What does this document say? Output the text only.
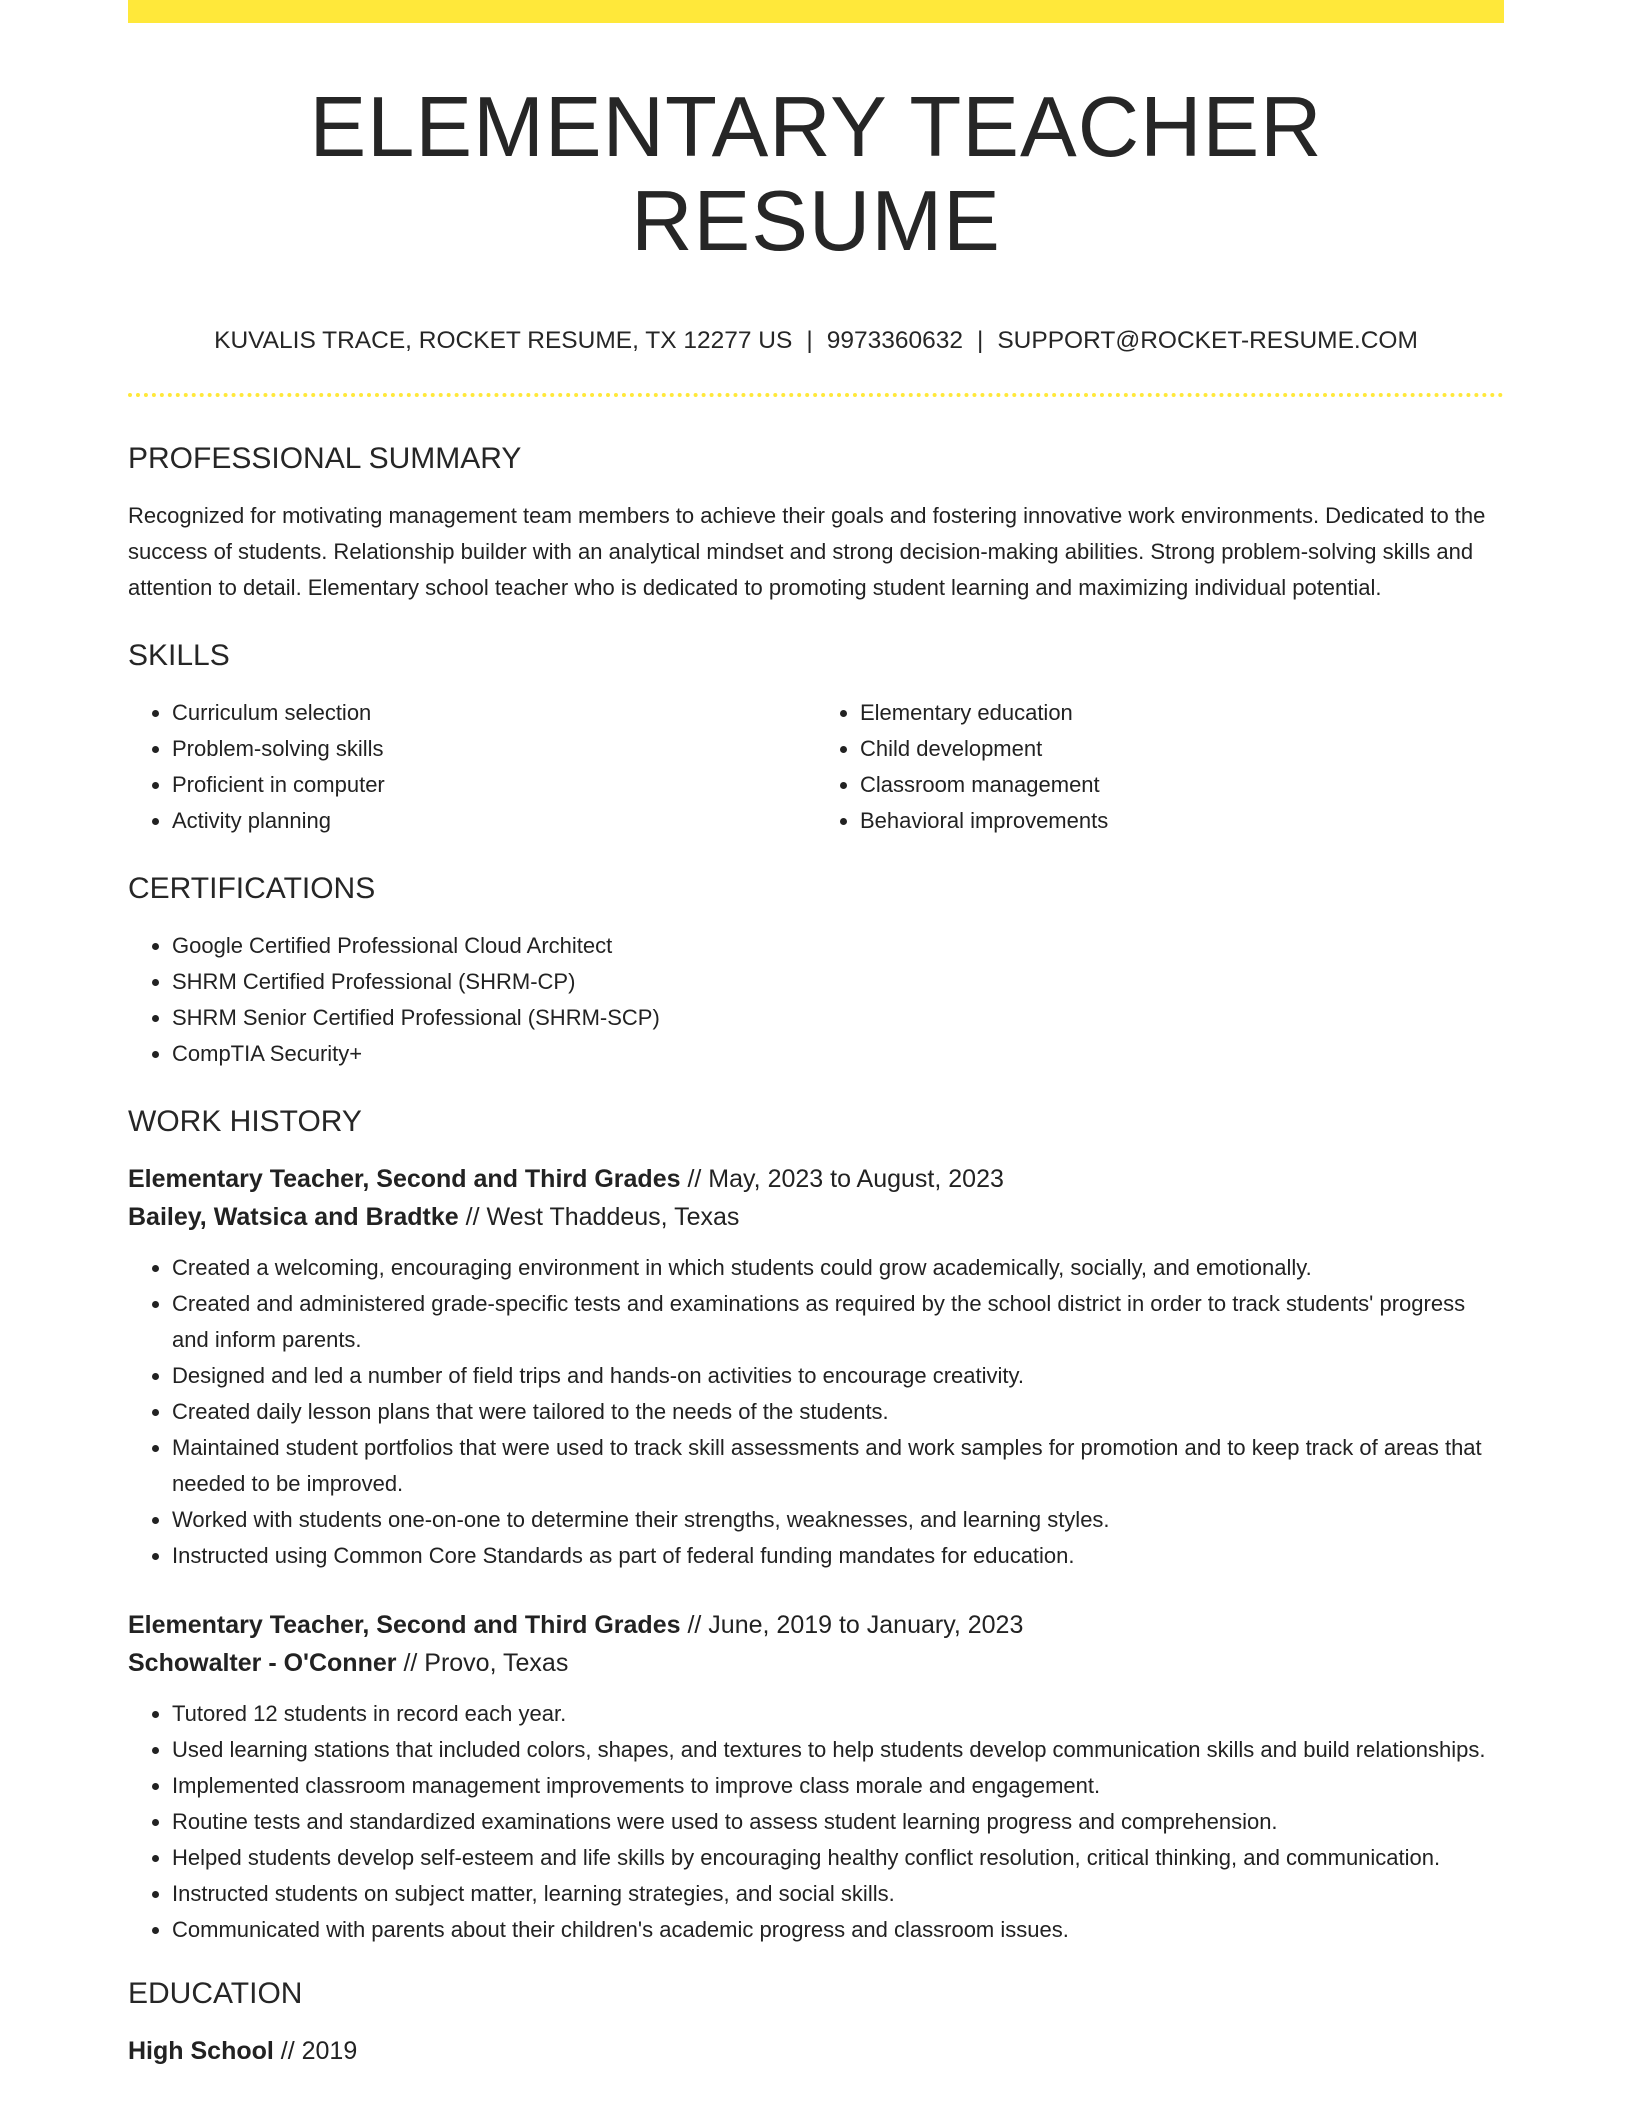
ELEMENTARY TEACHER RESUME
KUVALIS TRACE, ROCKET RESUME, TX 12277 US | 9973360632 | SUPPORT@ROCKET-RESUME.COM
PROFESSIONAL SUMMARY

Recognized for motivating management team members to achieve their goals and fostering innovative work environments. Dedicated to the success of students. Relationship builder with an analytical mindset and strong decision-making abilities. Strong problem-solving skills and attention to detail. Elementary school teacher who is dedicated to promoting student learning and maximizing individual potential.

SKILLS
• Curriculum selection
• Problem-solving skills
• Proficient in computer
• Activity planning
• Elementary education
• Child development
• Classroom management
• Behavioral improvements
CERTIFICATIONS
• Google Certified Professional Cloud Architect
• SHRM Certified Professional (SHRM-CP)
• SHRM Senior Certified Professional (SHRM-SCP)
• CompTIA Security+
WORK HISTORY
Elementary Teacher, Second and Third Grades // May, 2023 to August, 2023
Bailey, Watsica and Bradtke // West Thaddeus, Texas
• Created a welcoming, encouraging environment in which students could grow academically, socially, and emotionally.
• Created and administered grade-specific tests and examinations as required by the school district in order to track students' progress and inform parents.
• Designed and led a number of field trips and hands-on activities to encourage creativity.
• Created daily lesson plans that were tailored to the needs of the students.
• Maintained student portfolios that were used to track skill assessments and work samples for promotion and to keep track of areas that needed to be improved.
• Worked with students one-on-one to determine their strengths, weaknesses, and learning styles.
• Instructed using Common Core Standards as part of federal funding mandates for education.
Elementary Teacher, Second and Third Grades // June, 2019 to January, 2023
Schowalter - O'Conner // Provo, Texas
• Tutored 12 students in record each year.
• Used learning stations that included colors, shapes, and textures to help students develop communication skills and build relationships.
• Implemented classroom management improvements to improve class morale and engagement.
• Routine tests and standardized examinations were used to assess student learning progress and comprehension.
• Helped students develop self-esteem and life skills by encouraging healthy conflict resolution, critical thinking, and communication.
• Instructed students on subject matter, learning strategies, and social skills.
• Communicated with parents about their children's academic progress and classroom issues.
EDUCATION
High School // 2019
